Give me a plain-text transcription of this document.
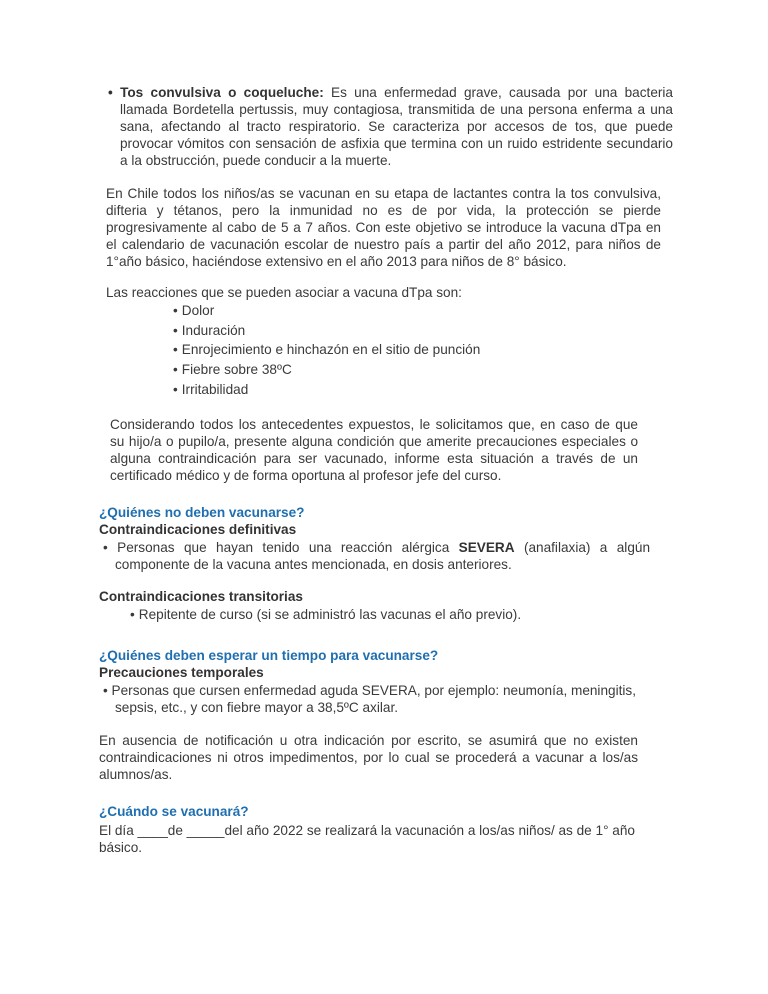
• Tos convulsiva o coqueluche: Es una enfermedad grave, causada por una bacteria llamada Bordetella pertussis, muy contagiosa, transmitida de una persona enferma a una sana, afectando al tracto respiratorio. Se caracteriza por accesos de tos, que puede provocar vómitos con sensación de asfixia que termina con un ruido estridente secundario a la obstrucción, puede conducir a la muerte.

En Chile todos los niños/as se vacunan en su etapa de lactantes contra la tos convulsiva, difteria y tétanos, pero la inmunidad no es de por vida, la protección se pierde progresivamente al cabo de 5 a 7 años. Con este objetivo se introduce la vacuna dTpa en el calendario de vacunación escolar de nuestro país a partir del año 2012, para niños de 1°año básico, haciéndose extensivo en el año 2013 para niños de 8° básico.

Las reacciones que se pueden asociar a vacuna dTpa son:

• Dolor

• Induración

• Enrojecimiento e hinchazón en el sitio de punción

• Fiebre sobre 38ºC

• Irritabilidad

Considerando todos los antecedentes expuestos, le solicitamos que, en caso de que su hijo/a o pupilo/a, presente alguna condición que amerite precauciones especiales o alguna contraindicación para ser vacunado, informe esta situación a través de un certificado médico y de forma oportuna al profesor jefe del curso.

¿Quiénes no deben vacunarse?

Contraindicaciones definitivas

• Personas que hayan tenido una reacción alérgica SEVERA (anafilaxia) a algún componente de la vacuna antes mencionada, en dosis anteriores.

Contraindicaciones transitorias

• Repitente de curso (si se administró las vacunas el año previo).

¿Quiénes deben esperar un tiempo para vacunarse?

Precauciones temporales

• Personas que cursen enfermedad aguda SEVERA, por ejemplo: neumonía, meningitis, sepsis, etc., y con fiebre mayor a 38,5ºC axilar.

En ausencia de notificación u otra indicación por escrito, se asumirá que no existen contraindicaciones ni otros impedimentos, por lo cual se procederá a vacunar a los/as alumnos/as.

¿Cuándo se vacunará?

El día ____de _____del año 2022 se realizará la vacunación a los/as niños/ as de 1° año básico.
